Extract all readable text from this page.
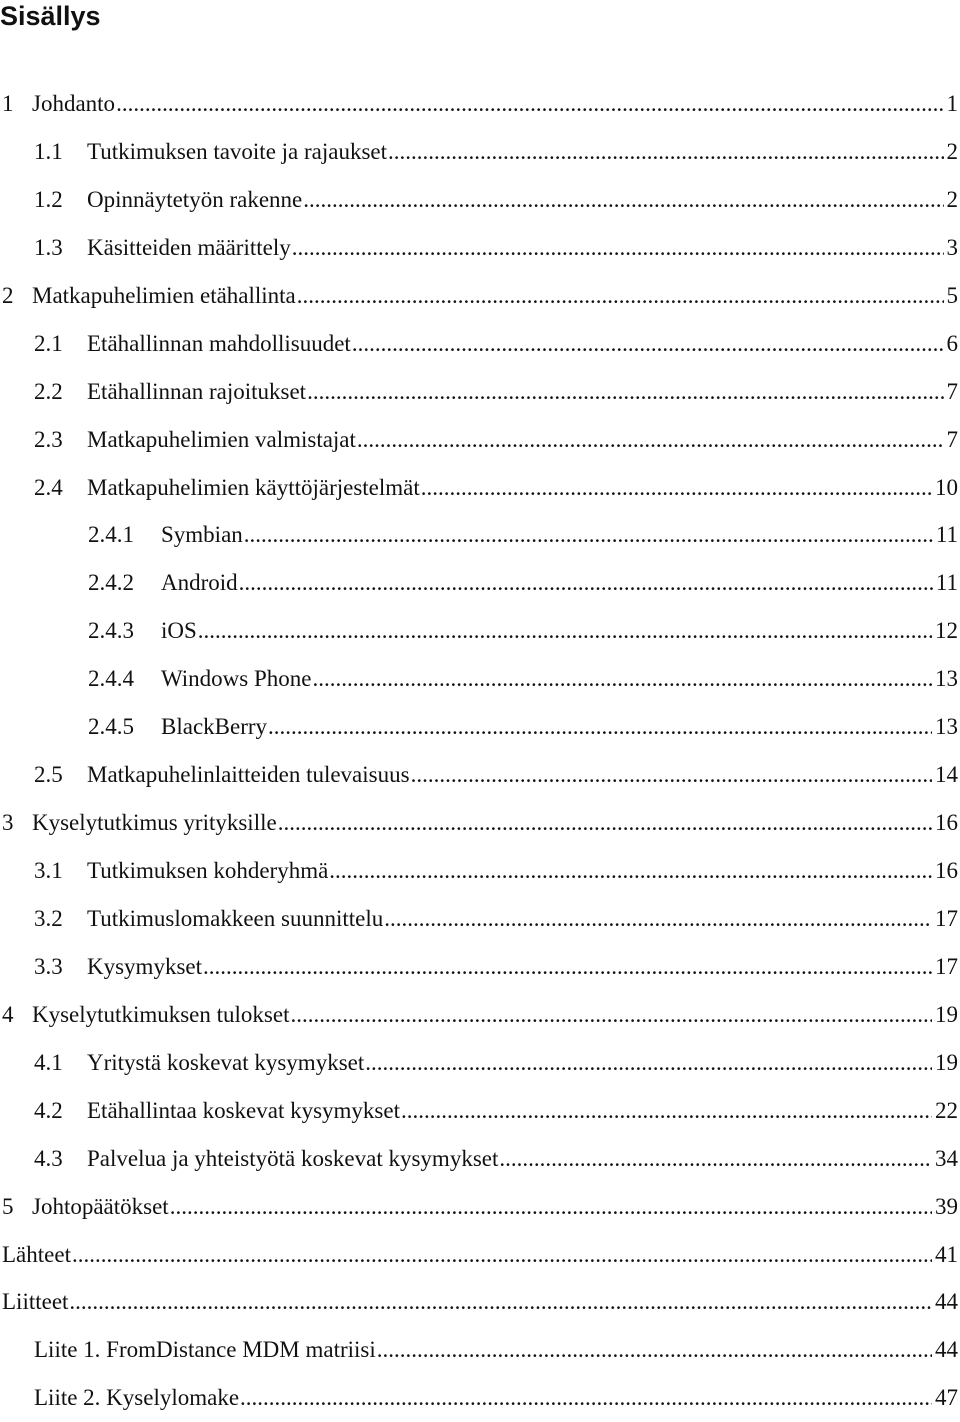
Sisällys
1 Johdanto .....	1
1.1	Tutkimuksen tavoite ja rajaukset .....	2
1.2	Opinnäytetyön rakenne .....	2
1.3	Käsitteiden määrittely .....	3
2 Matkapuhelimien etähallinta .....	5
2.1	Etähallinnan mahdollisuudet .....	6
2.2	Etähallinnan rajoitukset .....	7
2.3	Matkapuhelimien valmistajat .....	7
2.4	Matkapuhelimien käyttöjärjestelmät .....	10
2.4.1	Symbian .....	11
2.4.2	Android .....	11
2.4.3	iOS .....	12
2.4.4	Windows Phone .....	13
2.4.5	BlackBerry .....	13
2.5	Matkapuhelinlaitteiden tulevaisuus .....	14
3 Kyselytutkimus yrityksille .....	16
3.1	Tutkimuksen kohderyhmä .....	16
3.2	Tutkimuslomakkeen suunnittelu .....	17
3.3	Kysymykset .....	17
4 Kyselytutkimuksen tulokset .....	19
4.1	Yritystä koskevat kysymykset .....	19
4.2	Etähallintaa koskevat kysymykset .....	22
4.3	Palvelua ja yhteistyötä koskevat kysymykset .....	34
5 Johtopäätökset .....	39
Lähteet .....	41
Liitteet .....	44
Liite 1. FromDistance MDM matriisi .....	44
Liite 2. Kyselylomake .....	47
